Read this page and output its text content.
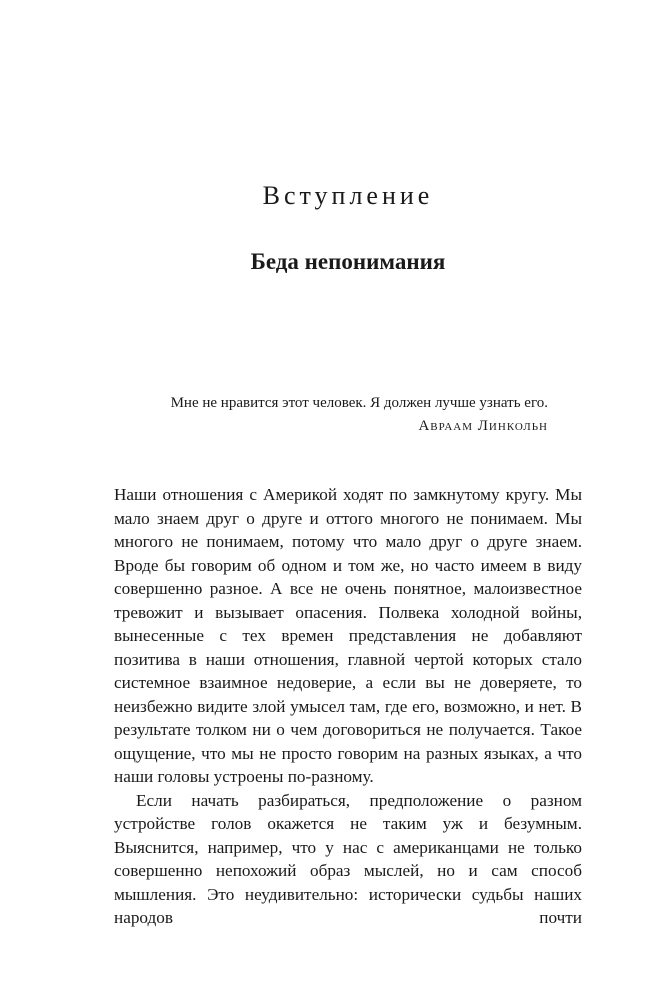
Вступление
Беда непонимания
Мне не нравится этот человек. Я должен лучше узнать его.
Авраам Линкольн

Наши отношения с Америкой ходят по замкнутому кругу. Мы мало знаем друг о друге и оттого многого не понимаем. Мы многого не понимаем, потому что мало друг о друге знаем. Вроде бы говорим об одном и том же, но часто имеем в виду совершенно разное. А все не очень понятное, малоизвестное тревожит и вызывает опасения. Полвека холодной войны, вынесенные с тех времен представления не добавляют позитива в наши отношения, главной чертой которых стало системное взаимное недоверие, а если вы не доверяете, то неизбежно видите злой умысел там, где его, возможно, и нет. В результате толком ни о чем договориться не получается. Такое ощущение, что мы не просто говорим на разных языках, а что наши головы устроены по-разному.

Если начать разбираться, предположение о разном устройстве голов окажется не таким уж и безумным. Выяснится, например, что у нас с американцами не только совершенно непохожий образ мыслей, но и сам способ мышления. Это неудивительно: исторически судьбы наших народов почти
